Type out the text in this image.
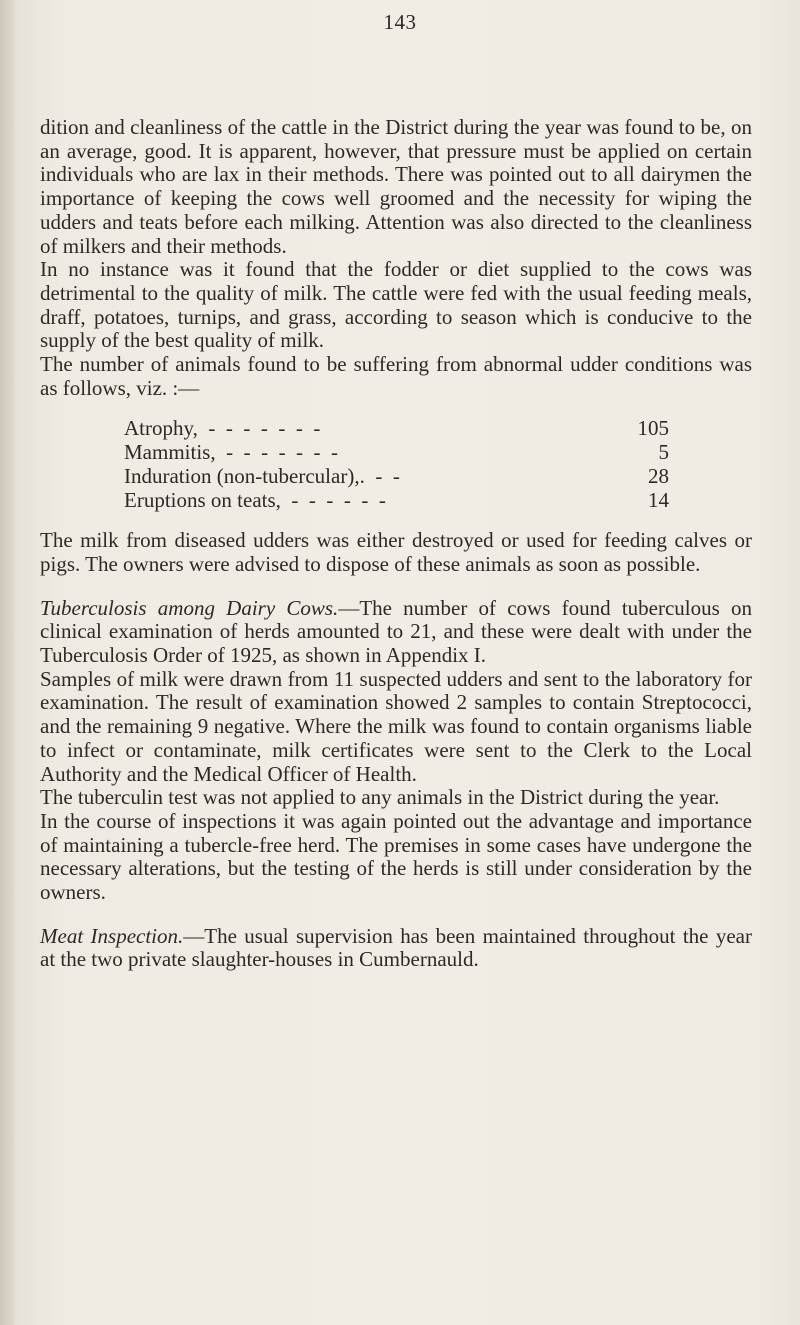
143

dition and cleanliness of the cattle in the District during the year was found to be, on an average, good. It is apparent, however, that pressure must be applied on certain individuals who are lax in their methods. There was pointed out to all dairymen the importance of keeping the cows well groomed and the necessity for wiping the udders and teats before each milking. Attention was also directed to the cleanliness of milkers and their methods.

In no instance was it found that the fodder or diet supplied to the cows was detrimental to the quality of milk. The cattle were fed with the usual feeding meals, draff, potatoes, turnips, and grass, according to season which is conducive to the supply of the best quality of milk.

The number of animals found to be suffering from abnormal udder conditions was as follows, viz. :—

Atrophy,  -  -  -  -  -  -  -	105
Mammitis,  -  -  -  -  -  -  -	5
Induration (non-tubercular),.  -  -	28
Eruptions on teats,  -  -  -  -  -  -	14

The milk from diseased udders was either destroyed or used for feeding calves or pigs. The owners were advised to dispose of these animals as soon as possible.

Tuberculosis among Dairy Cows.—The number of cows found tuberculous on clinical examination of herds amounted to 21, and these were dealt with under the Tuberculosis Order of 1925, as shown in Appendix I.

Samples of milk were drawn from 11 suspected udders and sent to the laboratory for examination. The result of examination showed 2 samples to contain Streptococci, and the remaining 9 negative. Where the milk was found to contain organisms liable to infect or contaminate, milk certificates were sent to the Clerk to the Local Authority and the Medical Officer of Health.

The tuberculin test was not applied to any animals in the District during the year.

In the course of inspections it was again pointed out the advantage and importance of maintaining a tubercle-free herd. The premises in some cases have undergone the necessary alterations, but the testing of the herds is still under consideration by the owners.

Meat Inspection.—The usual supervision has been maintained throughout the year at the two private slaughter-houses in Cumbernauld.
